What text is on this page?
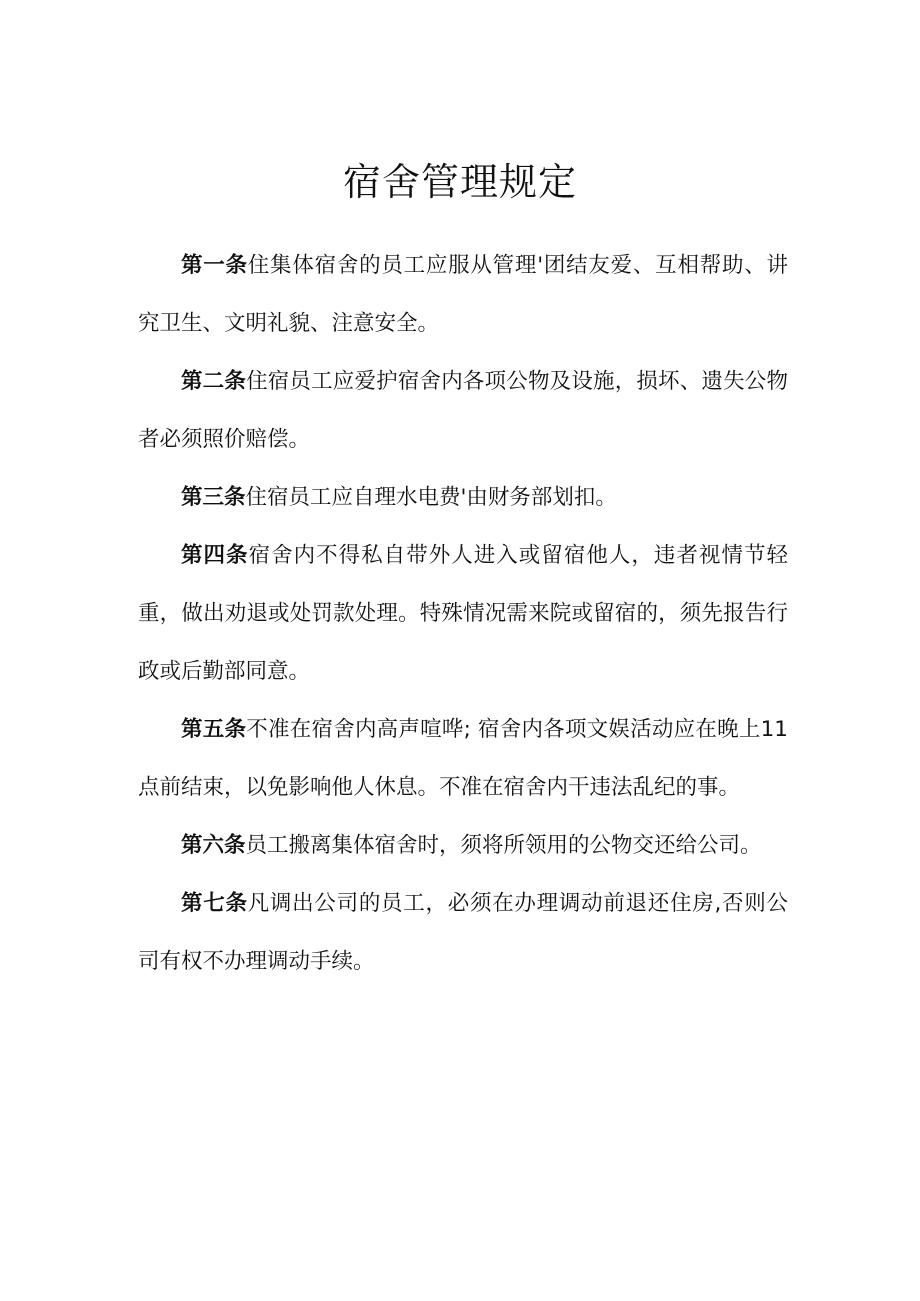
宿舍管理规定

第一条住集体宿舍的员工应服从管理'团结友爱、互相帮助、讲究卫生、文明礼貌、注意安全。

第二条住宿员工应爱护宿舍内各项公物及设施，损坏、遗失公物者必须照价赔偿。

第三条住宿员工应自理水电费'由财务部划扣。

第四条宿舍内不得私自带外人进入或留宿他人，违者视情节轻重，做出劝退或处罚款处理。特殊情况需来院或留宿的，须先报告行政或后勤部同意。

第五条不准在宿舍内高声喧哗; 宿舍内各项文娱活动应在晚上11点前结束，以免影响他人休息。不准在宿舍内干违法乱纪的事。

第六条员工搬离集体宿舍时，须将所领用的公物交还给公司。

第七条凡调出公司的员工，必须在办理调动前退还住房,否则公司有权不办理调动手续。
